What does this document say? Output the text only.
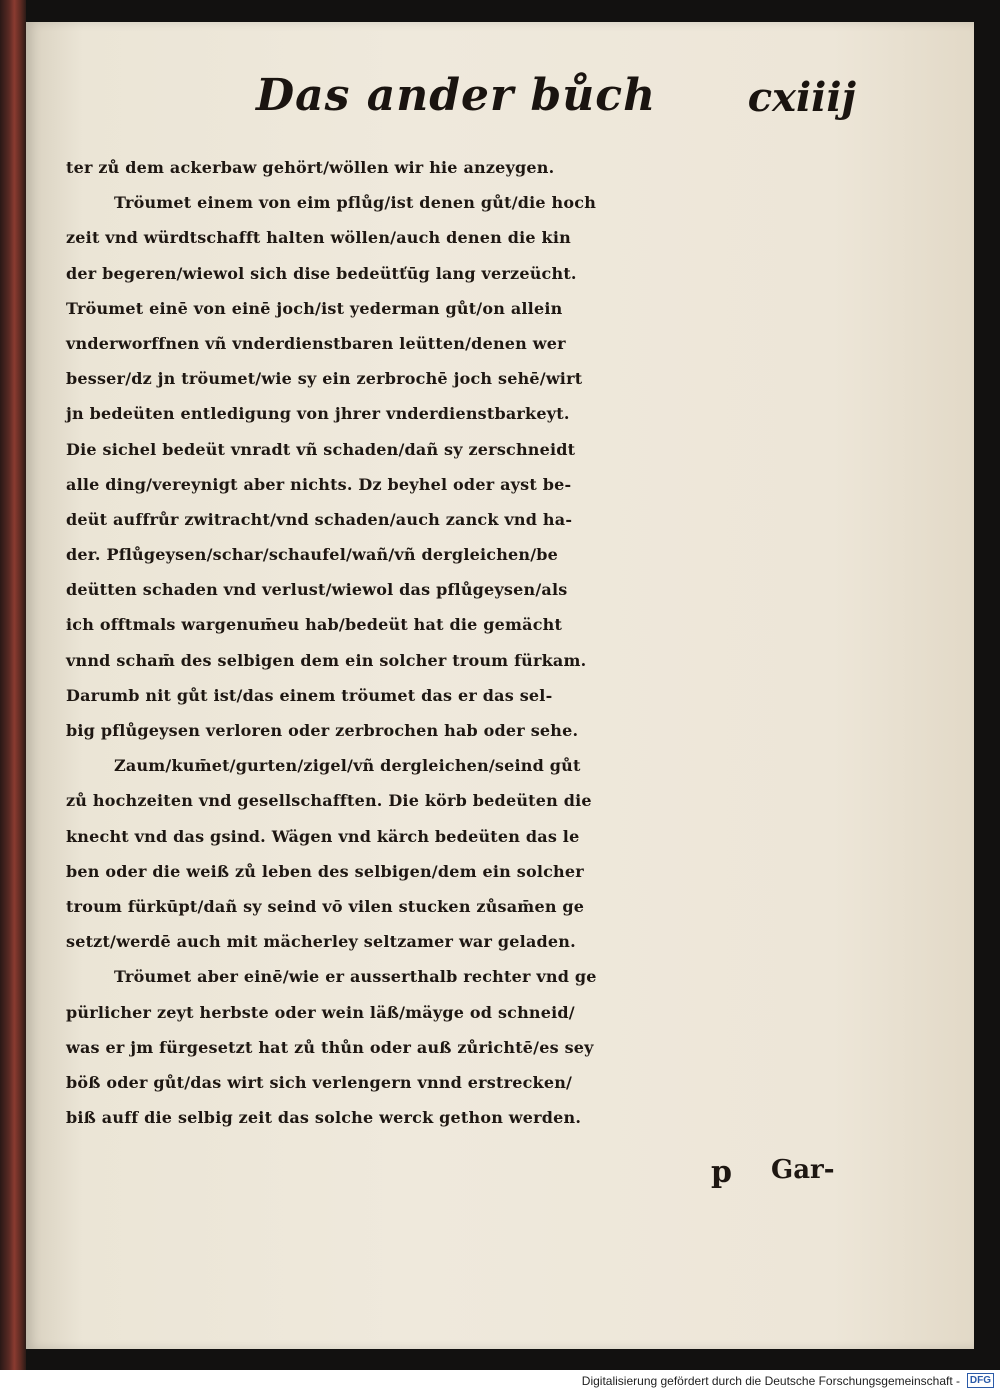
Das ander bůch cxiiij
ter zů dem ackerbaw gehört/wöllen wir hie anzeygen.
Tröumet einem von eim pflůg/ist denen gůt/die hoch
zeit vnd würdtschafft halten wöllen/auch denen die kin
der begeren/wiewol sich dise bedeütťūg lang verzeücht.
Tröumet einē von einē joch/ist yederman gůt/on allein
vnderworffnen vñ vnderdienstbaren leütten/denen wer
besser/dz jn tröumet/wie sy ein zerbrochē joch sehē/wirt
jn bedeüten entledigung von jhrer vnderdienstbarkeyt.
Die sichel bedeüt vnradt vñ schaden/dañ sy zerschneidt
alle ding/vereynigt aber nichts. Dz beyhel oder ayst be-
deüt auffrůr zwitracht/vnd schaden/auch zanck vnd ha-
der. Pflůgeysen/schar/schaufel/wañ/vñ dergleichen/be
deütten schaden vnd verlust/wiewol das pflůgeysen/als
ich offtmals wargenum̄eu hab/bedeüt hat die gemächt
vnnd scham̄ des selbigen dem ein solcher troum fürkam.
Darumb nit gůt ist/das einem tröumet das er das sel-
big pflůgeysen verloren oder zerbrochen hab oder sehe.
Zaum/kum̄et/gurten/zigel/vñ dergleichen/seind gůt
zů hochzeiten vnd gesellschafften. Die körb bedeüten die
knecht vnd das gsind. Wägen vnd kärch bedeüten das le
ben oder die weiß zů leben des selbigen/dem ein solcher
troum fürkūpt/dañ sy seind vō vilen stucken zůsam̄en ge
setzt/werdē auch mit mächerley seltzamer war geladen.
Tröumet aber einē/wie er ausserthalb rechter vnd ge
pürlicher zeyt herbste oder wein läß/mäyge od schneid/
was er jm fürgesetzt hat zů thůn oder auß zůrichtē/es sey
böß oder gůt/das wirt sich verlengern vnnd erstrecken/
biß auff die selbig zeit das solche werck gethon werden.
p Gar-
Digitalisierung gefördert durch die Deutsche Forschungsgemeinschaft - DFG
